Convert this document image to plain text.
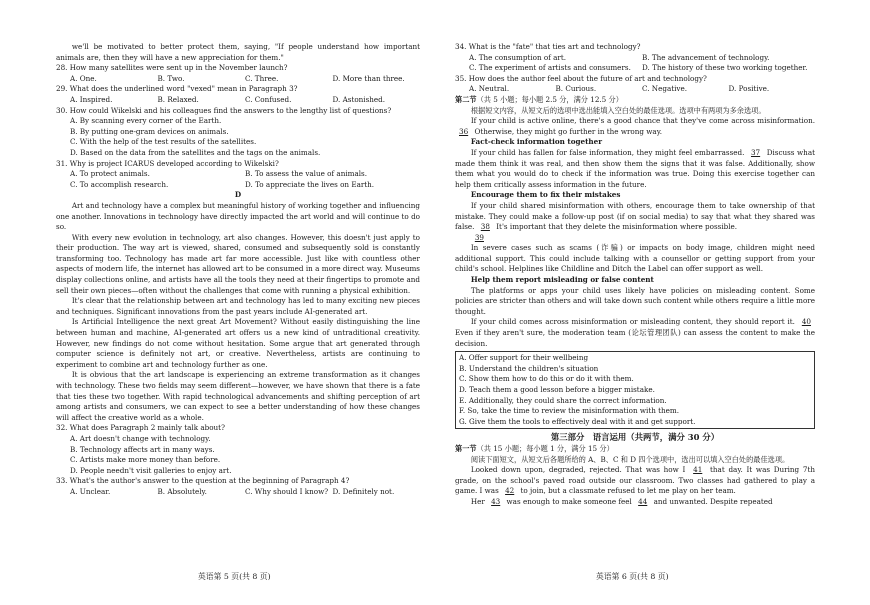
we'll be motivated to better protect them, saying, "If people understand how important animals are, then they will have a new appreciation for them."

28. How many satellites were sent up in the November launch?

A. One.	B. Two.	C. Three.	D. More than three.

29. What does the underlined word "vexed" mean in Paragraph 3?

A. Inspired.	B. Relaxed.	C. Confused.	D. Astonished.

30. How could Wikelski and his colleagues find the answers to the lengthy list of questions?

A. By scanning every corner of the Earth.
B. By putting one-gram devices on animals.
C. With the help of the test results of the satellites.
D. Based on the data from the satellites and the tags on the animals.

31. Why is project ICARUS developed according to Wikelski?

A. To protect animals.	B. To assess the value of animals.
C. To accomplish research.	D. To appreciate the lives on Earth.

D

Art and technology have a complex but meaningful history of working together and influencing one another. Innovations in technology have directly impacted the art world and will continue to do so.

With every new evolution in technology, art also changes. However, this doesn't just apply to their production. The way art is viewed, shared, consumed and subsequently sold is constantly transforming too. Technology has made art far more accessible. Just like with countless other aspects of modern life, the internet has allowed art to be consumed in a more direct way. Museums display collections online, and artists have all the tools they need at their fingertips to promote and sell their own pieces—often without the challenges that come with running a physical exhibition.

It's clear that the relationship between art and technology has led to many exciting new pieces and techniques. Significant innovations from the past years include AI-generated art.

Is Artificial Intelligence the next great Art Movement? Without easily distinguishing the line between human and machine, AI-generated art offers us a new kind of untraditional creativity. However, new findings do not come without hesitation. Some argue that art generated through computer science is definitely not art, or creative. Nevertheless, artists are continuing to experiment to combine art and technology further as one.

It is obvious that the art landscape is experiencing an extreme transformation as it changes with technology. These two fields may seem different—however, we have shown that there is a fate that ties these two together. With rapid technological advancements and shifting perception of art among artists and consumers, we can expect to see a better understanding of how these changes will affect the creative world as a whole.

32. What does Paragraph 2 mainly talk about?

A. Art doesn't change with technology.
B. Technology affects art in many ways.
C. Artists make more money than before.
D. People needn't visit galleries to enjoy art.

33. What's the author's answer to the question at the beginning of Paragraph 4?

A. Unclear.	B. Absolutely.	C. Why should I know? D. Definitely not.

34. What is the "fate" that ties art and technology?

A. The consumption of art.	B. The advancement of technology.
C. The experiment of artists and consumers.	D. The history of these two working together.

35. How does the author feel about the future of art and technology?

A. Neutral.	B. Curious.	C. Negative.	D. Positive.

第二节（共 5 小题；每小题 2.5 分，满分 12.5 分）

根据短文内容，从短文后的选项中选出能填入空白处的最佳选项。选项中有两项为多余选项。

If your child is active online, there's a good chance that they've come across misinformation. 36 Otherwise, they might go further in the wrong way.

Fact-check information together

If your child has fallen for false information, they might feel embarrassed. 37 Discuss what made them think it was real, and then show them the signs that it was false. Additionally, show them what you would do to check if the information was true. Doing this exercise together can help them critically assess information in the future.

Encourage them to fix their mistakes

If your child shared misinformation with others, encourage them to take ownership of that mistake. They could make a follow-up post (if on social media) to say that what they shared was false. 38 It's important that they delete the misinformation where possible.

39

In severe cases such as scams (诈骗) or impacts on body image, children might need additional support. This could include talking with a counsellor or getting support from your child's school. Helplines like Childline and Ditch the Label can offer support as well.

Help them report misleading or false content

The platforms or apps your child uses likely have policies on misleading content. Some policies are stricter than others and will take down such content while others require a little more thought.

If your child comes across misinformation or misleading content, they should report it. 40 Even if they aren't sure, the moderation team (论坛管理团队) can assess the content to make the decision.

A. Offer support for their wellbeing
B. Understand the children's situation
C. Show them how to do this or do it with them.
D. Teach them a good lesson before a bigger mistake.
E. Additionally, they could share the correct information.
F. So, take the time to review the misinformation with them.
G. Give them the tools to effectively deal with it and get support.

第三部分　语言运用（共两节，满分 30 分）

第一节（共 15 小题；每小题 1 分，满分 15 分）

阅读下面短文，从短文后各题所给的 A、B、C 和 D 四个选项中，选出可以填入空白处的最佳选项。

Looked down upon, degraded, rejected. That was how I 41 that day. It was During 7th grade, on the school's paved road outside our classroom. Two classes had gathered to play a game. I was 42 to join, but a classmate refused to let me play on her team.

Her 43 was enough to make someone feel 44 and unwanted. Despite repeated

英语第 5 页(共 8 页)	英语第 6 页(共 8 页)
